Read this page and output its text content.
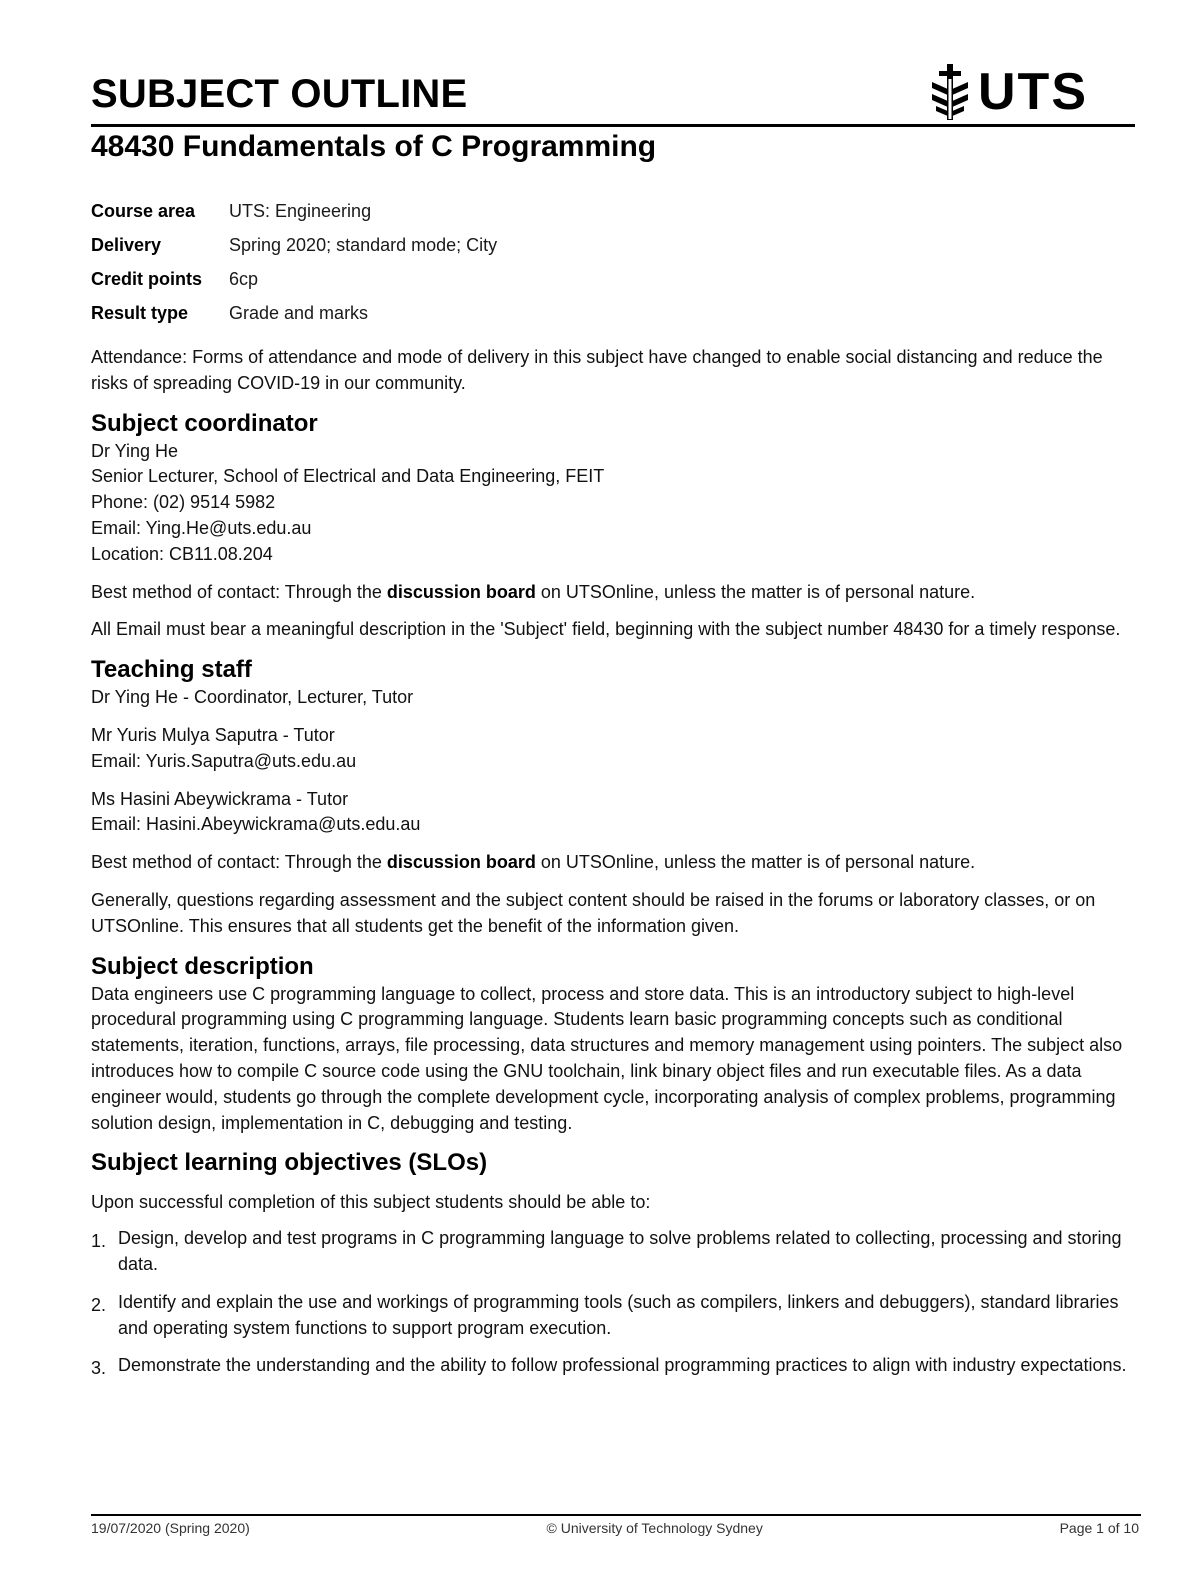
SUBJECT OUTLINE	UTS
48430 Fundamentals of C Programming
Course area	UTS: Engineering
Delivery	Spring 2020; standard mode; City
Credit points	6cp
Result type	Grade and marks

Attendance: Forms of attendance and mode of delivery in this subject have changed to enable social distancing and reduce the risks of spreading COVID-19 in our community.

Subject coordinator
Dr Ying He
Senior Lecturer, School of Electrical and Data Engineering, FEIT
Phone: (02) 9514 5982
Email: Ying.He@uts.edu.au
Location: CB11.08.204

Best method of contact: Through the discussion board on UTSOnline, unless the matter is of personal nature.

All Email must bear a meaningful description in the 'Subject' field, beginning with the subject number 48430 for a timely response.

Teaching staff
Dr Ying He - Coordinator, Lecturer, Tutor
Mr Yuris Mulya Saputra - Tutor
Email: Yuris.Saputra@uts.edu.au
Ms Hasini Abeywickrama - Tutor
Email: Hasini.Abeywickrama@uts.edu.au

Best method of contact: Through the discussion board on UTSOnline, unless the matter is of personal nature.

Generally, questions regarding assessment and the subject content should be raised in the forums or laboratory classes, or on UTSOnline. This ensures that all students get the benefit of the information given.

Subject description

Data engineers use C programming language to collect, process and store data. This is an introductory subject to high-level procedural programming using C programming language. Students learn basic programming concepts such as conditional statements, iteration, functions, arrays, file processing, data structures and memory management using pointers. The subject also introduces how to compile C source code using the GNU toolchain, link binary object files and run executable files. As a data engineer would, students go through the complete development cycle, incorporating analysis of complex problems, programming solution design, implementation in C, debugging and testing.

Subject learning objectives (SLOs)

Upon successful completion of this subject students should be able to:

1. Design, develop and test programs in C programming language to solve problems related to collecting, processing and storing data.
2. Identify and explain the use and workings of programming tools (such as compilers, linkers and debuggers), standard libraries and operating system functions to support program execution.
3. Demonstrate the understanding and the ability to follow professional programming practices to align with industry expectations.
19/07/2020 (Spring 2020)	© University of Technology Sydney	Page 1 of 10
